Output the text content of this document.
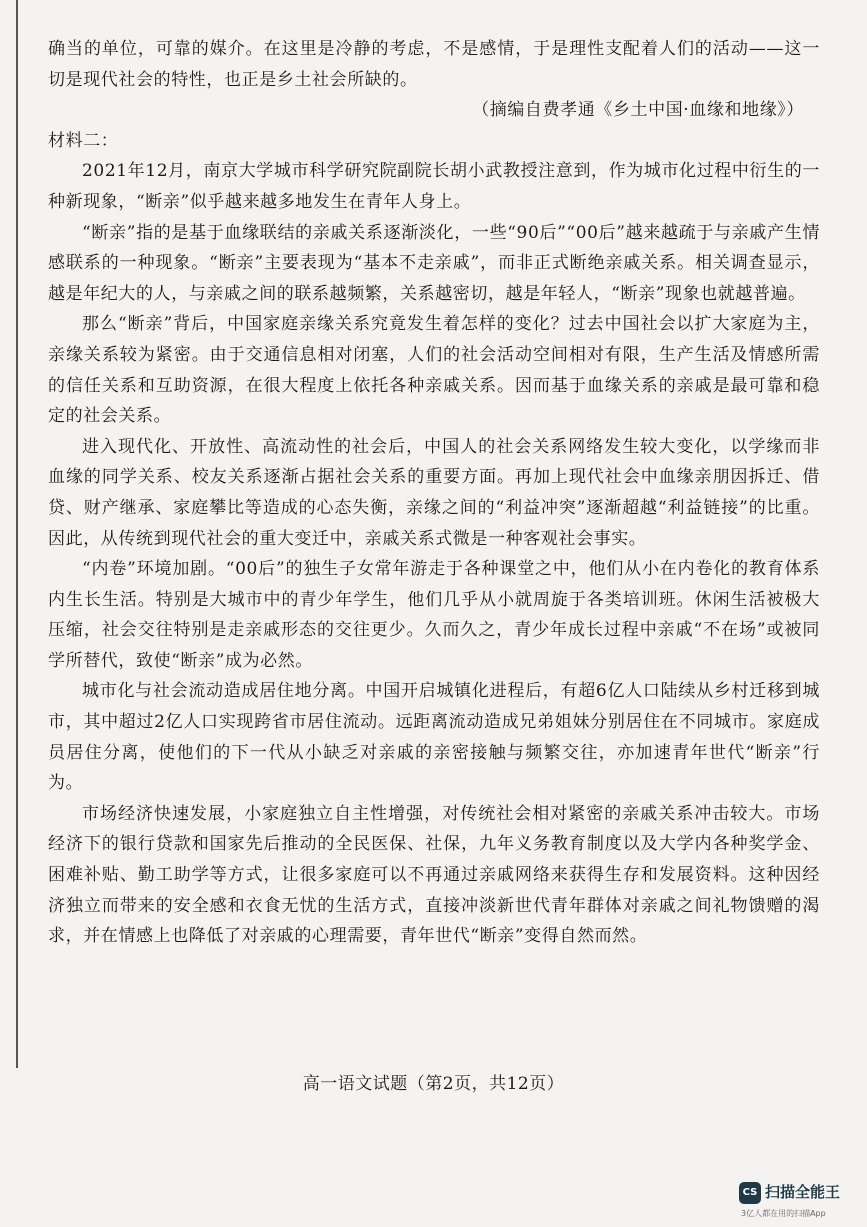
确当的单位，可靠的媒介。在这里是冷静的考虑，不是感情，于是理性支配着人们的活动——这一切是现代社会的特性，也正是乡土社会所缺的。

（摘编自费孝通《乡土中国·血缘和地缘》）

材料二：

2021年12月，南京大学城市科学研究院副院长胡小武教授注意到，作为城市化过程中衍生的一种新现象，“断亲”似乎越来越多地发生在青年人身上。

“断亲”指的是基于血缘联结的亲戚关系逐渐淡化，一些“90后”“00后”越来越疏于与亲戚产生情感联系的一种现象。“断亲”主要表现为“基本不走亲戚”，而非正式断绝亲戚关系。相关调查显示，越是年纪大的人，与亲戚之间的联系越频繁，关系越密切，越是年轻人，“断亲”现象也就越普遍。

那么“断亲”背后，中国家庭亲缘关系究竟发生着怎样的变化？过去中国社会以扩大家庭为主，亲缘关系较为紧密。由于交通信息相对闭塞，人们的社会活动空间相对有限，生产生活及情感所需的信任关系和互助资源，在很大程度上依托各种亲戚关系。因而基于血缘关系的亲戚是最可靠和稳定的社会关系。

进入现代化、开放性、高流动性的社会后，中国人的社会关系网络发生较大变化，以学缘而非血缘的同学关系、校友关系逐渐占据社会关系的重要方面。再加上现代社会中血缘亲朋因拆迁、借贷、财产继承、家庭攀比等造成的心态失衡，亲缘之间的“利益冲突”逐渐超越“利益链接”的比重。因此，从传统到现代社会的重大变迁中，亲戚关系式微是一种客观社会事实。

“内卷”环境加剧。“00后”的独生子女常年游走于各种课堂之中，他们从小在内卷化的教育体系内生长生活。特别是大城市中的青少年学生，他们几乎从小就周旋于各类培训班。休闲生活被极大压缩，社会交往特别是走亲戚形态的交往更少。久而久之，青少年成长过程中亲戚“不在场”或被同学所替代，致使“断亲”成为必然。

城市化与社会流动造成居住地分离。中国开启城镇化进程后，有超6亿人口陆续从乡村迁移到城市，其中超过2亿人口实现跨省市居住流动。远距离流动造成兄弟姐妹分别居住在不同城市。家庭成员居住分离，使他们的下一代从小缺乏对亲戚的亲密接触与频繁交往，亦加速青年世代“断亲”行为。

市场经济快速发展，小家庭独立自主性增强，对传统社会相对紧密的亲戚关系冲击较大。市场经济下的银行贷款和国家先后推动的全民医保、社保，九年义务教育制度以及大学内各种奖学金、困难补贴、勤工助学等方式，让很多家庭可以不再通过亲戚网络来获得生存和发展资料。这种因经济独立而带来的安全感和衣食无忧的生活方式，直接冲淡新世代青年群体对亲戚之间礼物馈赠的渴求，并在情感上也降低了对亲戚的心理需要，青年世代“断亲”变得自然而然。

高一语文试题（第2页，共12页）
CS 扫描全能王
3亿人都在用的扫描App
